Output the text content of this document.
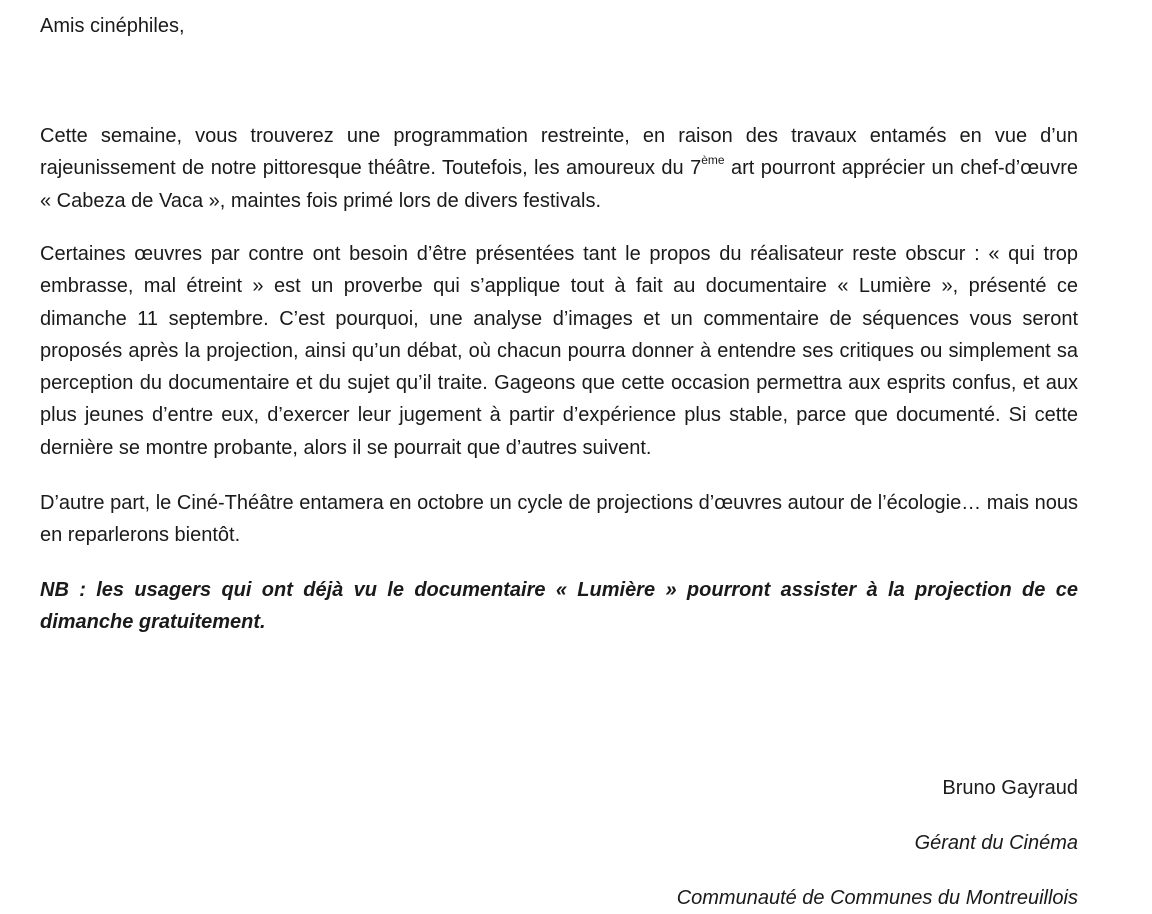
Amis cinéphiles,

Cette semaine, vous trouverez une programmation restreinte, en raison des travaux entamés en vue d’un rajeunissement de notre pittoresque théâtre. Toutefois, les amoureux du 7ème art pourront apprécier un chef-d’œuvre « Cabeza de Vaca », maintes fois primé lors de divers festivals.

Certaines œuvres par contre ont besoin d’être présentées tant le propos du réalisateur reste obscur : « qui trop embrasse, mal étreint » est un proverbe qui s’applique tout à fait au documentaire « Lumière », présenté ce dimanche 11 septembre. C’est pourquoi, une analyse d’images et un commentaire de séquences vous seront proposés après la projection, ainsi qu’un débat, où chacun pourra donner à entendre ses critiques ou simplement sa perception du documentaire et du sujet qu’il traite. Gageons que cette occasion permettra aux esprits confus, et aux plus jeunes d’entre eux, d’exercer leur jugement à partir d’expérience plus stable, parce que documenté. Si cette dernière se montre probante, alors il se pourrait que d’autres suivent.

D’autre part, le Ciné-Théâtre entamera en octobre un cycle de projections d’œuvres autour de l’écologie… mais nous en reparlerons bientôt.

NB : les usagers qui ont déjà vu le documentaire « Lumière » pourront assister à la projection de ce dimanche gratuitement.

Bruno Gayraud

Gérant du Cinéma

Communauté de Communes du Montreuillois
